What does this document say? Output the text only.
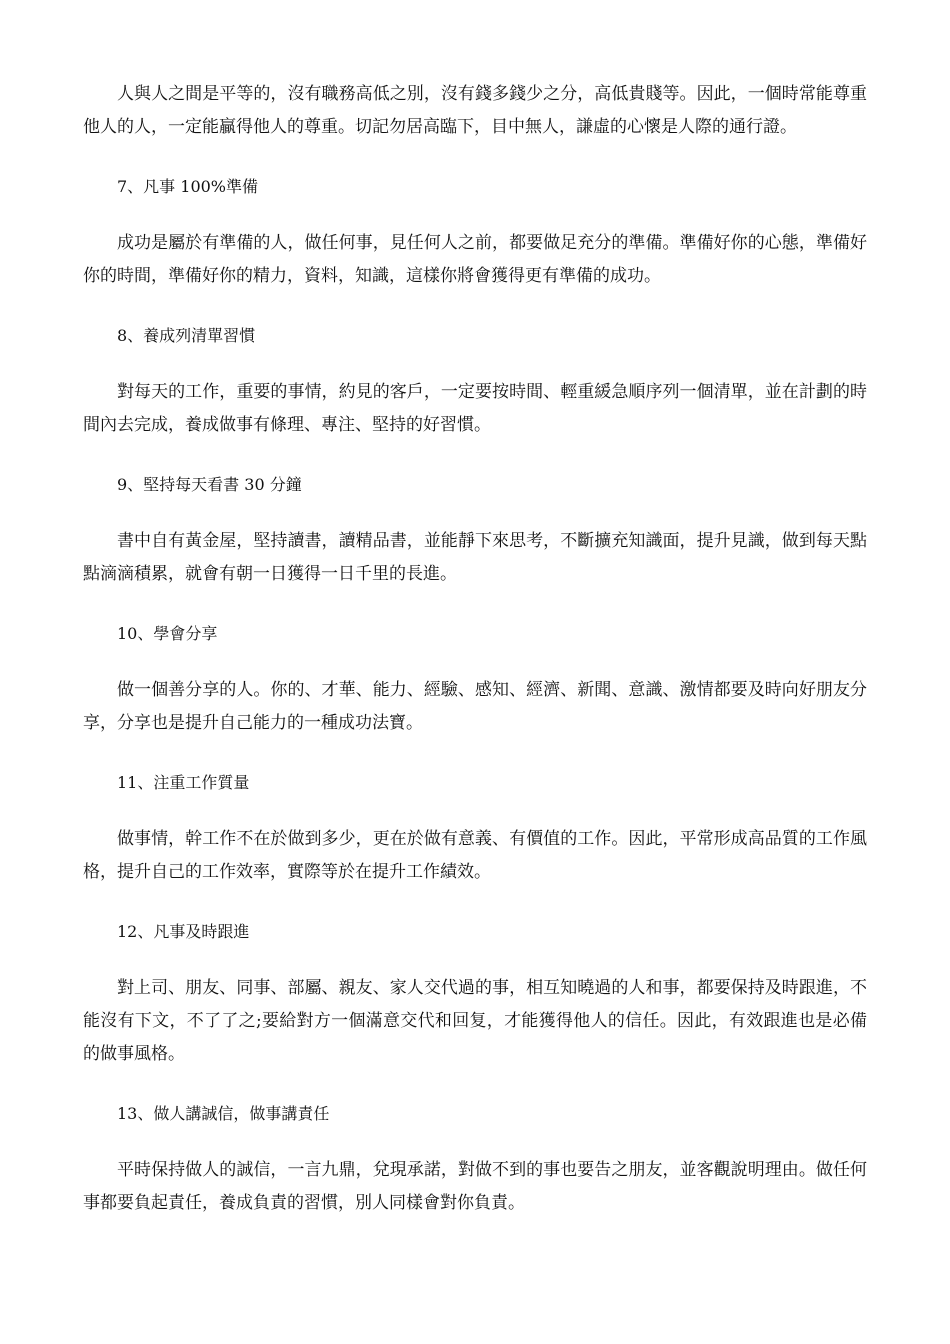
人與人之間是平等的，沒有職務高低之別，沒有錢多錢少之分，高低貴賤等。因此，一個時常能尊重他人的人，一定能贏得他人的尊重。切記勿居高臨下，目中無人，謙虛的心懷是人際的通行證。

7、凡事 100%準備

成功是屬於有準備的人，做任何事，見任何人之前，都要做足充分的準備。準備好你的心態，準備好你的時間，準備好你的精力，資料，知識，這樣你將會獲得更有準備的成功。

8、養成列清單習慣

對每天的工作，重要的事情，約見的客戶，一定要按時間、輕重緩急順序列一個清單，並在計劃的時間內去完成，養成做事有條理、專注、堅持的好習慣。

9、堅持每天看書 30 分鐘

書中自有黃金屋，堅持讀書，讀精品書，並能靜下來思考，不斷擴充知識面，提升見識，做到每天點點滴滴積累，就會有朝一日獲得一日千里的長進。

10、學會分享

做一個善分享的人。你的、才華、能力、經驗、感知、經濟、新聞、意識、激情都要及時向好朋友分享，分享也是提升自己能力的一種成功法寶。

11、注重工作質量

做事情，幹工作不在於做到多少，更在於做有意義、有價值的工作。因此，平常形成高品質的工作風格，提升自己的工作效率，實際等於在提升工作績效。

12、凡事及時跟進

對上司、朋友、同事、部屬、親友、家人交代過的事，相互知曉過的人和事，都要保持及時跟進，不能沒有下文，不了了之;要給對方一個滿意交代和回复，才能獲得他人的信任。因此，有效跟進也是必備的做事風格。

13、做人講誠信，做事講責任

平時保持做人的誠信，一言九鼎，兌現承諾，對做不到的事也要告之朋友，並客觀說明理由。做任何事都要負起責任，養成負責的習慣，別人同樣會對你負責。
